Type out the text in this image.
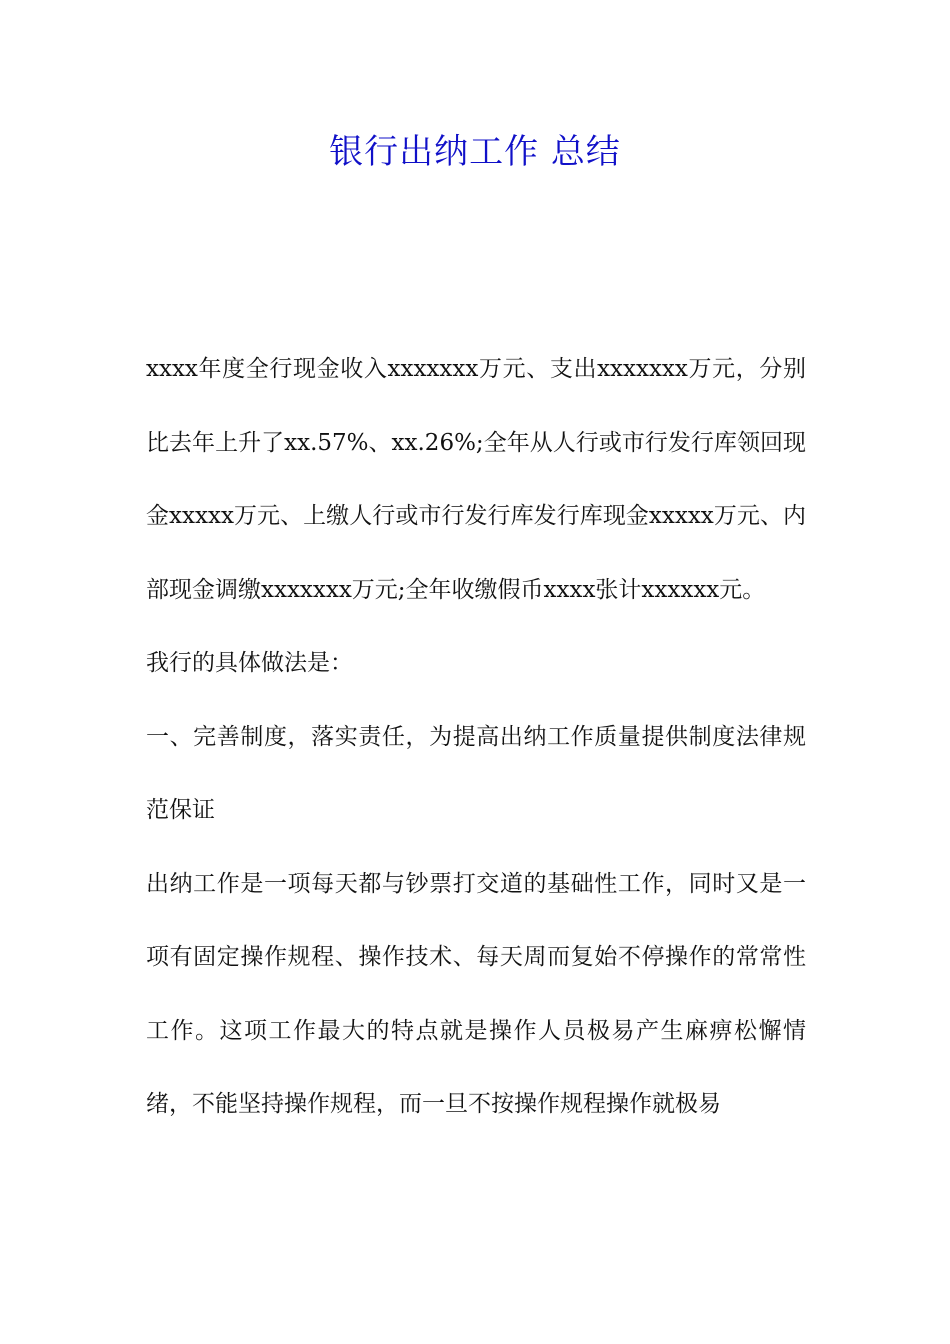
银行出纳工作 总结

xxxx年度全行现金收入xxxxxxx万元、支出xxxxxxx万元，分别比去年上升了xx.57%、xx.26%;全年从人行或市行发行库领回现金xxxxx万元、上缴人行或市行发行库发行库现金xxxxx万元、内部现金调缴xxxxxxx万元;全年收缴假币xxxx张计xxxxxx元。

我行的具体做法是：

一、完善制度，落实责任，为提高出纳工作质量提供制度法律规范保证

出纳工作是一项每天都与钞票打交道的基础性工作，同时又是一项有固定操作规程、操作技术、每天周而复始不停操作的常常性工作。这项工作最大的特点就是操作人员极易产生麻痹松懈情绪，不能坚持操作规程，而一旦不按操作规程操作就极易
